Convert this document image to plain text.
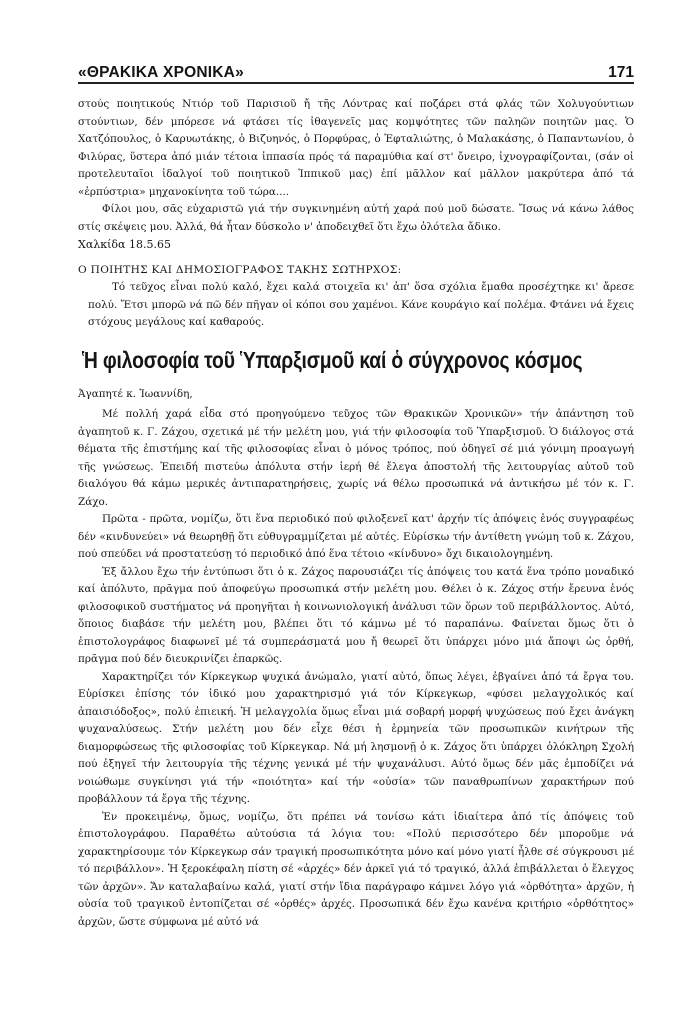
«ΘΡΑΚΙΚΑ ΧΡΟΝΙΚΑ»	171

στούς ποιητικούς Ντιόρ τοῦ Παρισιοῦ ἤ τῆς Λόντρας καί ποζάρει στά φλάς τῶν Χολυγούντιων στούντιων, δέν μπόρεσε νά φτάσει τίς ἰθαγενεῖς μας κομψότητες τῶν παληῶν ποιητῶν μας. Ὁ Χατζόπουλος, ὁ Καρυωτάκης, ὁ Βιζυηνός, ὁ Πορφύρας, ὁ Ἐφταλιώτης, ὁ Μαλακάσης, ὁ Παπαντωνίου, ὁ Φιλύρας, ὕστερα ἀπό μιάν τέτοια ἱππασία πρός τά παραμύθια καί στ' ὄνειρο, ἰχνογραφίζονται, (σάν οἱ προτελευταῖοι ἰδαλγοί τοῦ ποιητικοῦ Ἱππικοῦ μας) ἐπί μᾶλλον καί μᾶλλον μακρύτερα ἀπό τά «ἐρπύστρια» μηχανοκίνητα τοῦ τώρα....

Φίλοι μου, σᾶς εὐχαριστῶ γιά τήν συγκινημένη αὐτή χαρά πού μοῦ δώσατε. Ἴσως νά κάνω λάθος στίς σκέψεις μου. Ἀλλά, θά ἦταν δύσκολο ν' ἀποδειχθεῖ ὅτι ἔχω ὁλότελα ἄδικο.

Χαλκίδα 18.5.65

Ο ΠΟΙΗΤΗΣ ΚΑΙ ΔΗΜΟΣΙΟΓΡΑΦΟΣ ΤΑΚΗΣ ΣΩΤΗΡΧΟΣ:

Τό τεῦχος εἶναι πολύ καλό, ἔχει καλά στοιχεῖα κι' ἀπ' ὅσα σχόλια ἔμαθα προσέχτηκε κι' ἄρεσε πολύ. Ἔτσι μπορῶ νά πῶ δέν πῆγαν οἱ κόποι σου χαμένοι. Κάνε κουράγιο καί πολέμα. Φτάνει νά ἔχεις στόχους μεγάλους καί καθαρούς.

Ἡ φιλοσοφία τοῦ Ὑπαρξισμοῦ καί ὁ σύγχρονος κόσμος

Ἀγαπητέ κ. Ἰωαννίδη,

Μέ πολλή χαρά εἶδα στό προηγούμενο τεῦχος τῶν Θρακικῶν Χρονικῶν» τήν ἀπάντηση τοῦ ἀγαπητοῦ κ. Γ. Ζάχου, σχετικά μέ τήν μελέτη μου, γιά τήν φιλοσοφία τοῦ Ὑπαρξισμοῦ. Ὁ διάλογος στά θέματα τῆς ἐπιστήμης καί τῆς φιλοσοφίας εἶναι ὁ μόνος τρόπος, πού ὁδηγεῖ σέ μιά γόνιμη προαγωγή τῆς γνώσεως. Ἐπειδή πιστεύω ἀπόλυτα στήν ἱερή θέ ἔλεγα ἀποστολή τῆς λειτουργίας αὐτοῦ τοῦ διαλόγου θά κάμω μερικές ἀντιπαρατηρήσεις, χωρίς νά θέλω προσωπικά νά ἀντικήσω μέ τόν κ. Γ. Ζάχο.

Πρῶτα - πρῶτα, νομίζω, ὅτι ἕνα περιοδικό πού φιλοξενεῖ κατ' ἀρχήν τίς ἀπόψεις ἑνός συγγραφέως δέν «κινδυνεύει» νά θεωρηθῇ ὅτι εὐθυγραμμίζεται μέ αὐτές. Εὑρίσκω τήν ἀντίθετη γνώμη τοῦ κ. Ζάχου, πού σπεύδει νά προστατεύσῃ τό περιοδικό ἀπό ἕνα τέτοιο «κίνδυνο» ὄχι δικαιολογημένη.

Ἐξ ἄλλου ἔχω τήν ἐντύπωσι ὅτι ὁ κ. Ζάχος παρουσιάζει τίς ἀπόψεις του κατά ἕνα τρόπο μοναδικό καί ἀπόλυτο, πρᾶγμα πού ἀποφεύγω προσωπικά στήν μελέτη μου. Θέλει ὁ κ. Ζάχος στήν ἔρευνα ἑνός φιλοσοφικοῦ συστήματος νά προηγῆται ἡ κοινωνιολογική ἀνάλυσι τῶν ὅρων τοῦ περιβάλλοντος. Αὐτό, ὅποιος διαβάσε τήν μελέτη μου, βλέπει ὅτι τό κάμνω μέ τό παραπάνω. Φαίνεται ὅμως ὅτι ὁ ἐπιστολογράφος διαφωνεῖ μέ τά συμπεράσματά μου ἤ θεωρεῖ ὅτι ὑπάρχει μόνο μιά ἄποψι ὡς ὀρθή, πρᾶγμα πού δέν διευκρινίζει ἐπαρκῶς.

Χαρακτηρίζει τόν Κίρκεγκωρ ψυχικά ἀνώμαλο, γιατί αὐτό, ὅπως λέγει, ἐβγαίνει ἀπό τά ἔργα του. Εὑρίσκει ἐπίσης τόν ἰδικό μου χαρακτηρισμό γιά τόν Κίρκεγκωρ, «φύσει μελαγχολικός καί ἀπαισιόδοξος», πολύ ἐπιεική. Ἡ μελαγχολία ὅμως εἶναι μιά σοβαρή μορφή ψυχώσεως πού ἔχει ἀνάγκη ψυχαναλύσεως. Στήν μελέτη μου δέν εἶχε θέσι ἡ ἑρμηνεία τῶν προσωπικῶν κινήτρων τῆς διαμορφώσεως τῆς φιλοσοφίας τοῦ Κίρκεγκαρ. Νά μή λησμονῇ ὁ κ. Ζάχος ὅτι ὑπάρχει ὁλόκληρη Σχολή πού ἐξηγεῖ τήν λειτουργία τῆς τέχνης γενικά μέ τήν ψυχανάλυσι. Αὐτό ὅμως δέν μᾶς ἐμποδίζει νά νοιώθωμε συγκίνησι γιά τήν «ποιότητα» καί τήν «οὐσία» τῶν παναθρωπίνων χαρακτήρων πού προβάλλουν τά ἔργα τῆς τέχνης.

Ἐν προκειμένῳ, ὅμως, νομίζω, ὅτι πρέπει νά τονίσω κάτι ἰδιαίτερα ἀπό τίς ἀπόψεις τοῦ ἐπιστολογράφου. Παραθέτω αὐτούσια τά λόγια του: «Πολύ περισσότερο δέν μποροῦμε νά χαρακτηρίσουμε τόν Κίρκεγκωρ σάν τραγική προσωπικότητα μόνο καί μόνο γιατί ἦλθε σέ σύγκρουσι μέ τό περιβάλλον». Ἡ ξεροκέφαλη πίστη σέ «ἀρχές» δέν ἀρκεῖ γιά τό τραγικό, ἀλλά ἐπιβάλλεται ὁ ἔλεγχος τῶν ἀρχῶν». Ἄν καταλαβαίνω καλά, γιατί στήν ἴδια παράγραφο κάμνει λόγο γιά «ὀρθότητα» ἀρχῶν, ἡ οὐσία τοῦ τραγικοῦ ἐντοπίζεται σέ «ὀρθές» ἀρχές. Προσωπικά δέν ἔχω κανένα κριτήριο «ὀρθότητος» ἀρχῶν, ὥστε σύμφωνα μέ αὐτό νά
